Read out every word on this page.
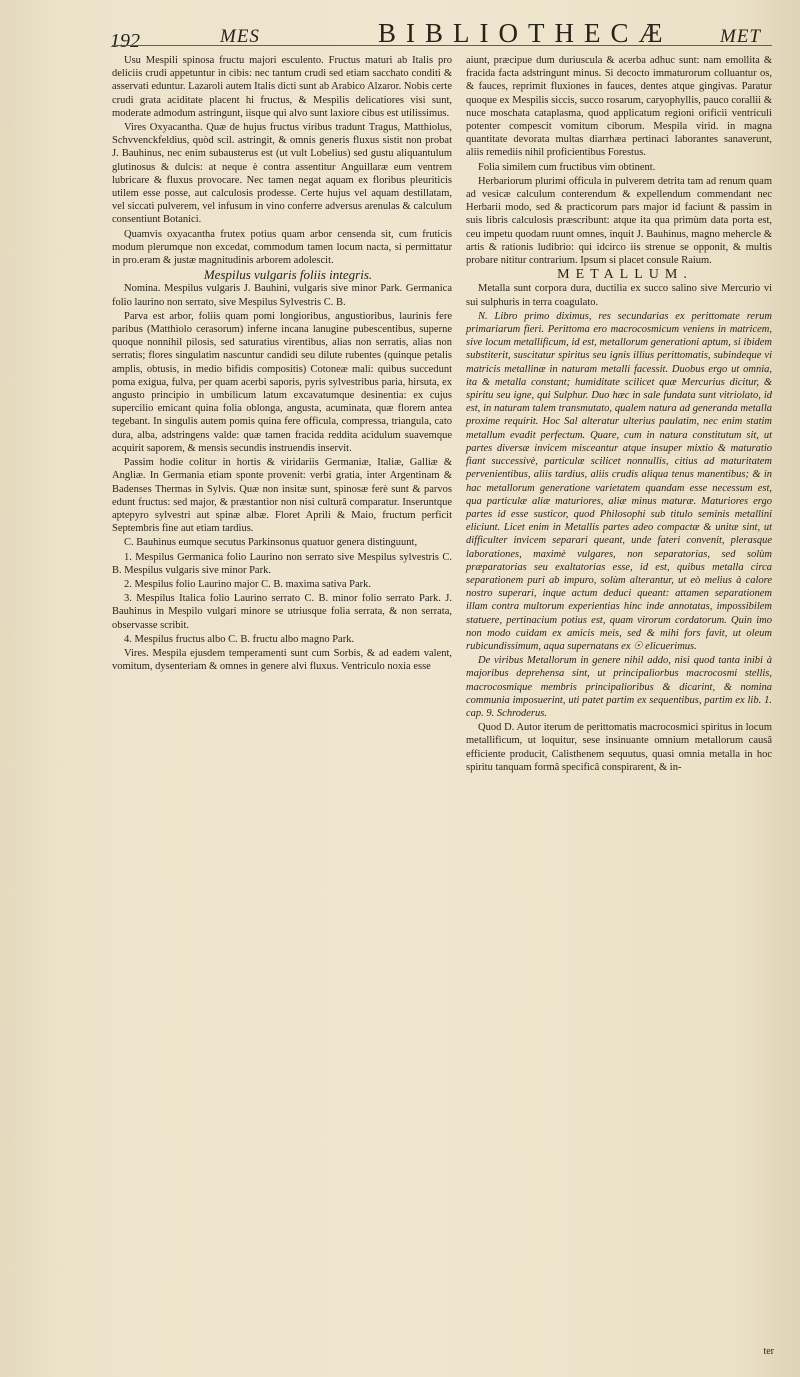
192	MES	BIBLIOTHECÆ	MET

Usu Mespili spinosa fructu majori esculento. Fructus maturi ab Italis pro deliciis crudi appetuntur in cibis: nec tantum crudi sed etiam sacchato conditi & asservati eduntur. Lazaroli autem Italis dicti sunt ab Arabico Alzaror. Nobis certe crudi grata aciditate placent hi fructus, & Mespilis delicatiores visi sunt, moderate admodum astringunt, iisque qui alvo sunt laxiore cibus est utilissimus.

Vires Oxyacantha. Quæ de hujus fructus viribus tradunt Tragus, Matthiolus, Schvvenckfeldius, quòd scil. astringit, & omnis generis fluxus sistit non probat J. Bauhinus, nec enim subausterus est (ut vult Lobelius) sed gustu aliquantulum glutinosus & dulcis: at neque è contra assentitur Anguillaræ eum ventrem lubricare & fluxus provocare. Nec tamen negat aquam ex floribus pleuriticis utilem esse posse, aut calculosis prodesse. Certe hujus vel aquam destillatam, vel siccati pulverem, vel infusum in vino conferre adversus arenulas & calculum consentiunt Botanici.

Quamvis oxyacantha frutex potius quam arbor censenda sit, cum fruticis modum plerumque non excedat, commodum tamen locum nacta, si permittatur in pro.eram & justæ magnitudinis arborem adolescit.

Mespilus vulgaris foliis integris.

Nomina. Mespilus vulgaris J. Bauhini, vulgaris sive minor Park. Germanica folio laurino non serrato, sive Mespilus Sylvestris C. B.

Parva est arbor, foliis quam pomi longioribus, angustioribus, laurinis fere paribus (Matthiolo cerasorum) inferne incana lanugine pubescentibus, superne quoque nonnihil pilosis, sed saturatius virentibus, alias non serratis, alias non serratis; flores singulatim nascuntur candidi seu dilute rubentes (quinque petalis amplis, obtusis, in medio bifidis compositis) Cotoneæ mali: quibus succedunt poma exigua, fulva, per quam acerbi saporis, pyris sylvestribus paria, hirsuta, ex angusto principio in umbilicum latum excavatumque desinentia: ex cujus supercilio emicant quina folia oblonga, angusta, acuminata, quæ florem antea tegebant. In singulis autem pomis quina fere officula, compressa, triangula, cato dura, alba, adstringens valde: quæ tamen fracida reddita acidulum suavemque acquirit saporem, & mensis secundis instruendis inservit.

Passim hodie colitur in hortis & viridariis Germaniæ, Italiæ, Galliæ & Angliæ. In Germania etiam sponte provenit: verbi gratia, inter Argentinam & Badenses Thermas in Sylvis. Quæ non insitæ sunt, spinosæ ferè sunt & parvos edunt fructus: sed major, & præstantior non nisi culturâ comparatur. Inseruntque aptepyro sylvestri aut spinæ albæ. Floret Aprili & Maio, fructum perficit Septembris fine aut etiam tardius.

C. Bauhinus eumque secutus Parkinsonus quatuor genera distinguunt,

1. Mespilus Germanica folio Laurino non serrato sive Mespilus sylvestris C. B. Mespilus vulgaris sive minor Park.

2. Mespilus folio Laurino major C. B. maxima sativa Park.

3. Mespilus Italica folio Laurino serrato C. B. minor folio serrato Park. J. Bauhinus in Mespilo vulgari minore se utriusque folia serrata, & non serrata, observasse scribit.

4. Mespilus fructus albo C. B. fructu albo magno Park.

Vires. Mespila ejusdem temperamenti sunt cum Sorbis, & ad eadem valent, vomitum, dysenteriam & omnes in genere alvi fluxus. Ventriculo noxia esse

aiunt, præcipue dum duriuscula & acerba adhuc sunt: nam emollita & fracida facta adstringunt minus. Si decocto immaturorum colluantur os, & fauces, reprimit fluxiones in fauces, dentes atque gingivas. Paratur quoque ex Mespilis siccis, succo rosarum, caryophyllis, pauco corallii & nuce moschata cataplasma, quod applicatum regioni orificii ventriculi potenter compescit vomitum ciborum. Mespila virid. in magna quantitate devorata multas diarrhæa pertinaci laborantes sanaverunt, aliis remediis nihil proficientibus Forestus.

Folia similem cum fructibus vim obtinent.

Herbariorum plurimi officula in pulverem detrita tam ad renum quam ad vesicæ calculum conterendum & expellendum commendant nec Herbarii modo, sed & practicorum pars major id faciunt & passim in suis libris calculosis præscribunt: atque ita qua primùm data porta est, ceu impetu quodam ruunt omnes, inquit J. Bauhinus, magno mehercle & artis & rationis ludibrio: qui idcirco iis strenue se opponit, & multis probare nititur contrarium. Ipsum si placet consule Raium.

METALLUM.

Metalla sunt corpora dura, ductilia ex succo salino sive Mercurio vi sui sulphuris in terra coagulato.

N. Libro primo diximus, res secundarias ex perittomate rerum primariarum fieri. Perittoma ero macrocosmicum veniens in matricem, sive locum metallificum, id est, metallorum generationi aptum, si ibidem substiterit, suscitatur spiritus seu ignis illius perittomatis, subindeque vi matricis metallinæ in naturam metalli facessit. Duobus ergo ut omnia, ita & metalla constant; humiditate scilicet quæ Mercurius dicitur, & spiritu seu igne, qui Sulphur. Duo hæc in sale fundata sunt vitriolato, id est, in naturam talem transmutato, qualem natura ad generanda metalla proxime requirit. Hoc Sal alteratur ulterius paulatim, nec enim statim metallum evadit perfectum. Quare, cum in natura constitutum sit, ut partes diversæ invicem misceantur atque insuper mixtio & maturatio fiant successivè, particulæ scilicet nonnullis, citius ad maturitatem pervenientibus, aliis tardius, aliis crudis aliqua tenus manentibus; & in hac metallorum generatione varietatem quandam esse necessum est, qua particulæ aliæ maturiores, aliæ minus maturæ. Maturiores ergo partes id esse susticor, quod Philosophi sub titulo seminis metallini eliciunt. Licet enim in Metallis partes adeo compactæ & unitæ sint, ut difficulter invicem separari queant, unde fateri convenit, plerasque laborationes, maximè vulgares, non separatorias, sed solùm præparatorias seu exaltatorias esse, id est, quibus metalla circa separationem puri ab impuro, solùm alterantur, ut eò melius à calore nostro superari, inque actum deduci queant: attamen separationem illam contra multorum experientias hinc inde annotatas, impossibilem statuere, pertinacium potius est, quam virorum cordatorum. Quin imo non modo cuidam ex amicis meis, sed & mihi fors favit, ut oleum rubicundissimum, aqua supernatans ex ☉ elicuerimus.

De viribus Metallorum in genere nihil addo, nisi quod tanta inibi à majoribus deprehensa sint, ut principaliorbus macrocosmi stellis, macrocosmique membris principalioribus & dicarint, & nomina communia imposuerint, uti patet partim ex sequentibus, partim ex lib. 1. cap. 9. Schroderus.

Quod D. Autor iterum de perittomatis macrocosmici spiritus in locum metallificum, ut loquitur, sese insinuante omnium metallorum causâ efficiente producit, Calisthenem sequutus, quasi omnia metalla in hoc spiritu tanquam formâ specificâ conspirarent, & in-

ter
